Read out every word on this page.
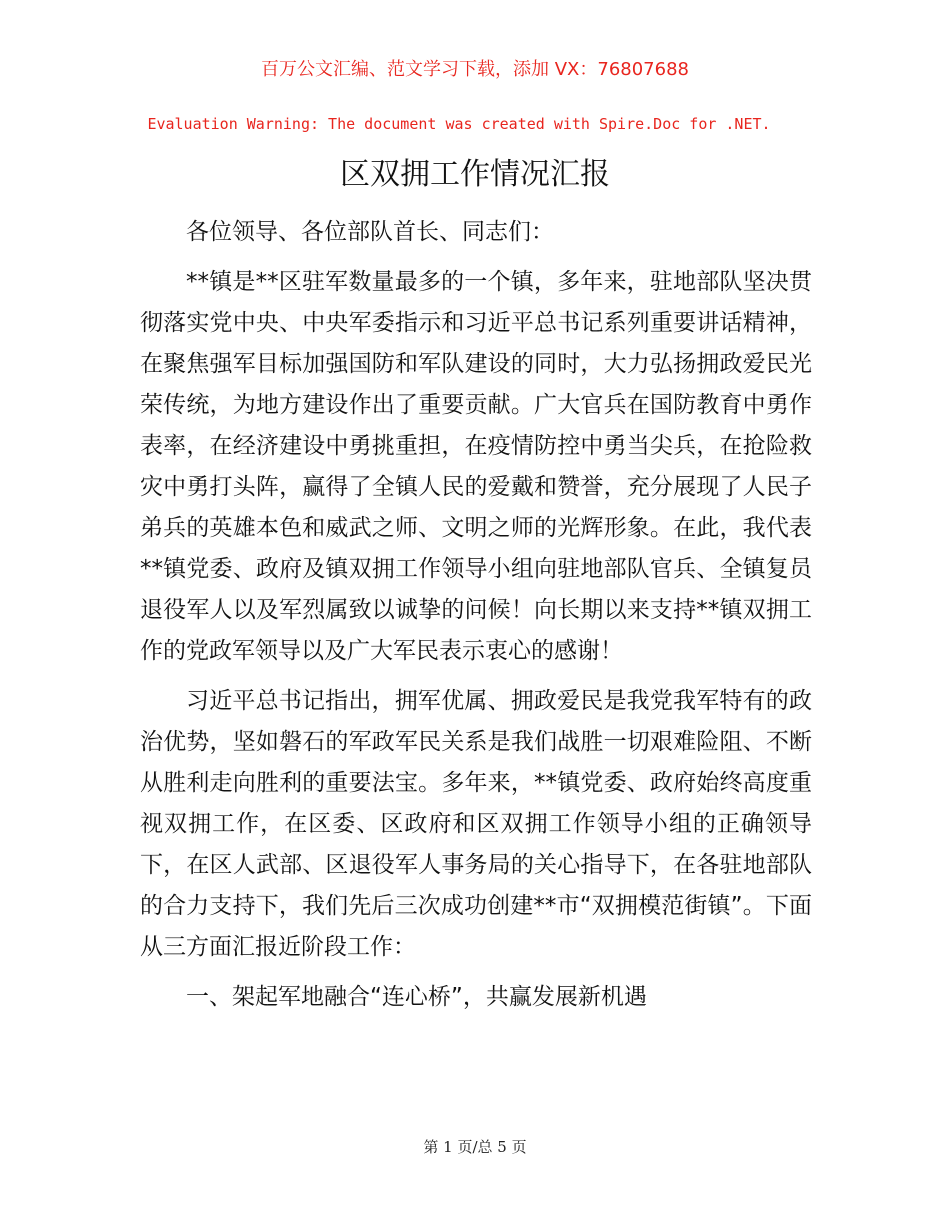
百万公文汇编、范文学习下载，添加 VX：76807688
Evaluation Warning: The document was created with Spire.Doc for .NET.
区双拥工作情况汇报

各位领导、各位部队首长、同志们：

**镇是**区驻军数量最多的一个镇，多年来，驻地部队坚决贯彻落实党中央、中央军委指示和习近平总书记系列重要讲话精神，在聚焦强军目标加强国防和军队建设的同时，大力弘扬拥政爱民光荣传统，为地方建设作出了重要贡献。广大官兵在国防教育中勇作表率，在经济建设中勇挑重担，在疫情防控中勇当尖兵，在抢险救灾中勇打头阵，赢得了全镇人民的爱戴和赞誉，充分展现了人民子弟兵的英雄本色和威武之师、文明之师的光辉形象。在此，我代表**镇党委、政府及镇双拥工作领导小组向驻地部队官兵、全镇复员退役军人以及军烈属致以诚挚的问候！向长期以来支持**镇双拥工作的党政军领导以及广大军民表示衷心的感谢！

习近平总书记指出，拥军优属、拥政爱民是我党我军特有的政治优势，坚如磐石的军政军民关系是我们战胜一切艰难险阻、不断从胜利走向胜利的重要法宝。多年来，**镇党委、政府始终高度重视双拥工作，在区委、区政府和区双拥工作领导小组的正确领导下，在区人武部、区退役军人事务局的关心指导下，在各驻地部队的合力支持下，我们先后三次成功创建**市“双拥模范街镇”。下面从三方面汇报近阶段工作：

一、架起军地融合“连心桥”，共赢发展新机遇

第 1 页/总 5 页
